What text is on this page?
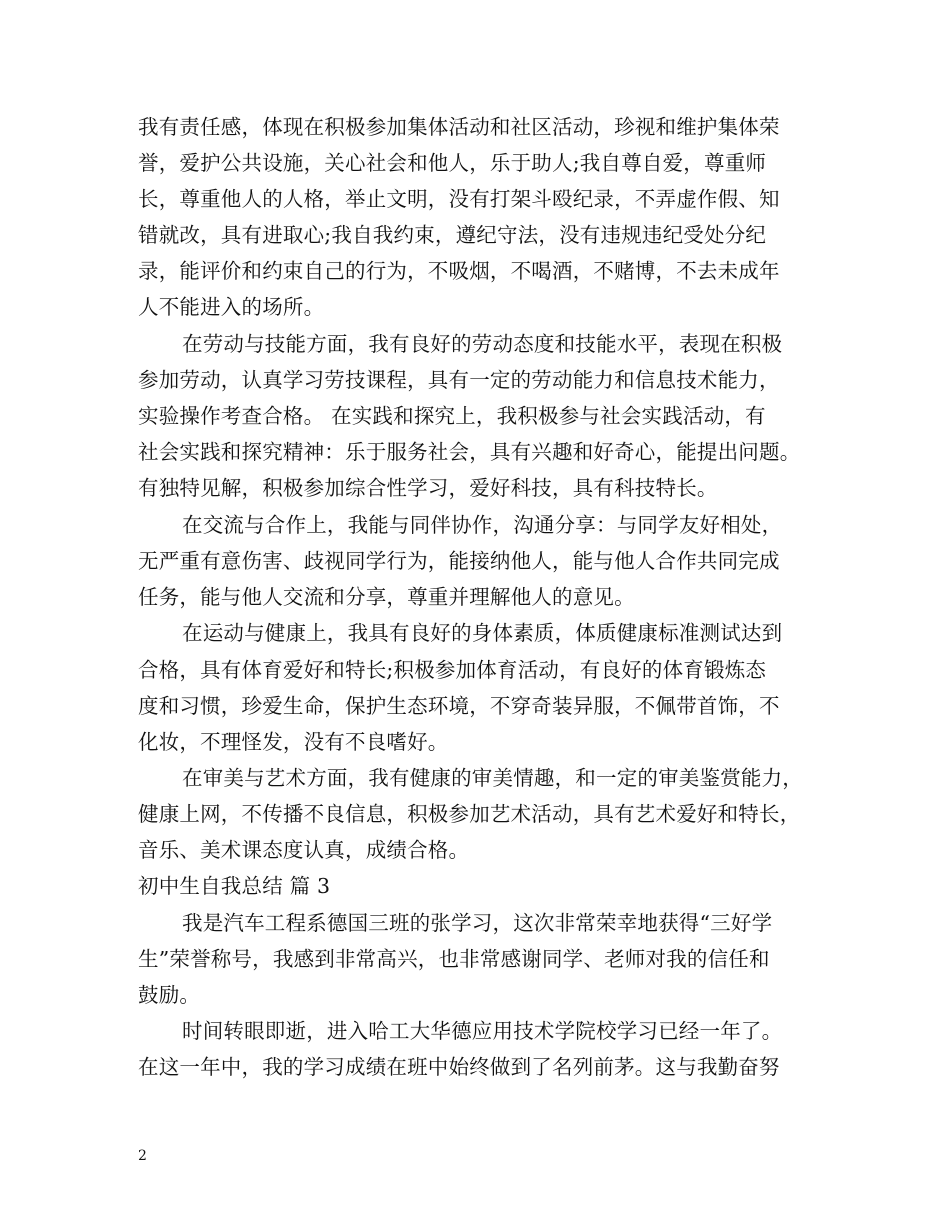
我有责任感，体现在积极参加集体活动和社区活动，珍视和维护集体荣
誉，爱护公共设施，关心社会和他人，乐于助人;我自尊自爱，尊重师
长，尊重他人的人格，举止文明，没有打架斗殴纪录，不弄虚作假、知
错就改，具有进取心;我自我约束，遵纪守法，没有违规违纪受处分纪
录，能评价和约束自己的行为，不吸烟，不喝酒，不赌博，不去未成年
人不能进入的场所。
在劳动与技能方面，我有良好的劳动态度和技能水平，表现在积极
参加劳动，认真学习劳技课程，具有一定的劳动能力和信息技术能力，
实验操作考查合格。 在实践和探究上，我积极参与社会实践活动，有
社会实践和探究精神：乐于服务社会，具有兴趣和好奇心，能提出问题。
有独特见解，积极参加综合性学习，爱好科技，具有科技特长。
在交流与合作上，我能与同伴协作，沟通分享：与同学友好相处，
无严重有意伤害、歧视同学行为，能接纳他人，能与他人合作共同完成
任务，能与他人交流和分享，尊重并理解他人的意见。
在运动与健康上，我具有良好的身体素质，体质健康标准测试达到
合格，具有体育爱好和特长;积极参加体育活动，有良好的体育锻炼态
度和习惯，珍爱生命，保护生态环境，不穿奇装异服，不佩带首饰，不
化妆，不理怪发，没有不良嗜好。
在审美与艺术方面，我有健康的审美情趣，和一定的审美鉴赏能力，
健康上网，不传播不良信息，积极参加艺术活动，具有艺术爱好和特长，
音乐、美术课态度认真，成绩合格。
初中生自我总结 篇 3
我是汽车工程系德国三班的张学习，这次非常荣幸地获得“三好学
生”荣誉称号，我感到非常高兴，也非常感谢同学、老师对我的信任和
鼓励。
时间转眼即逝，进入哈工大华德应用技术学院校学习已经一年了。
在这一年中，我的学习成绩在班中始终做到了名列前茅。这与我勤奋努
2
